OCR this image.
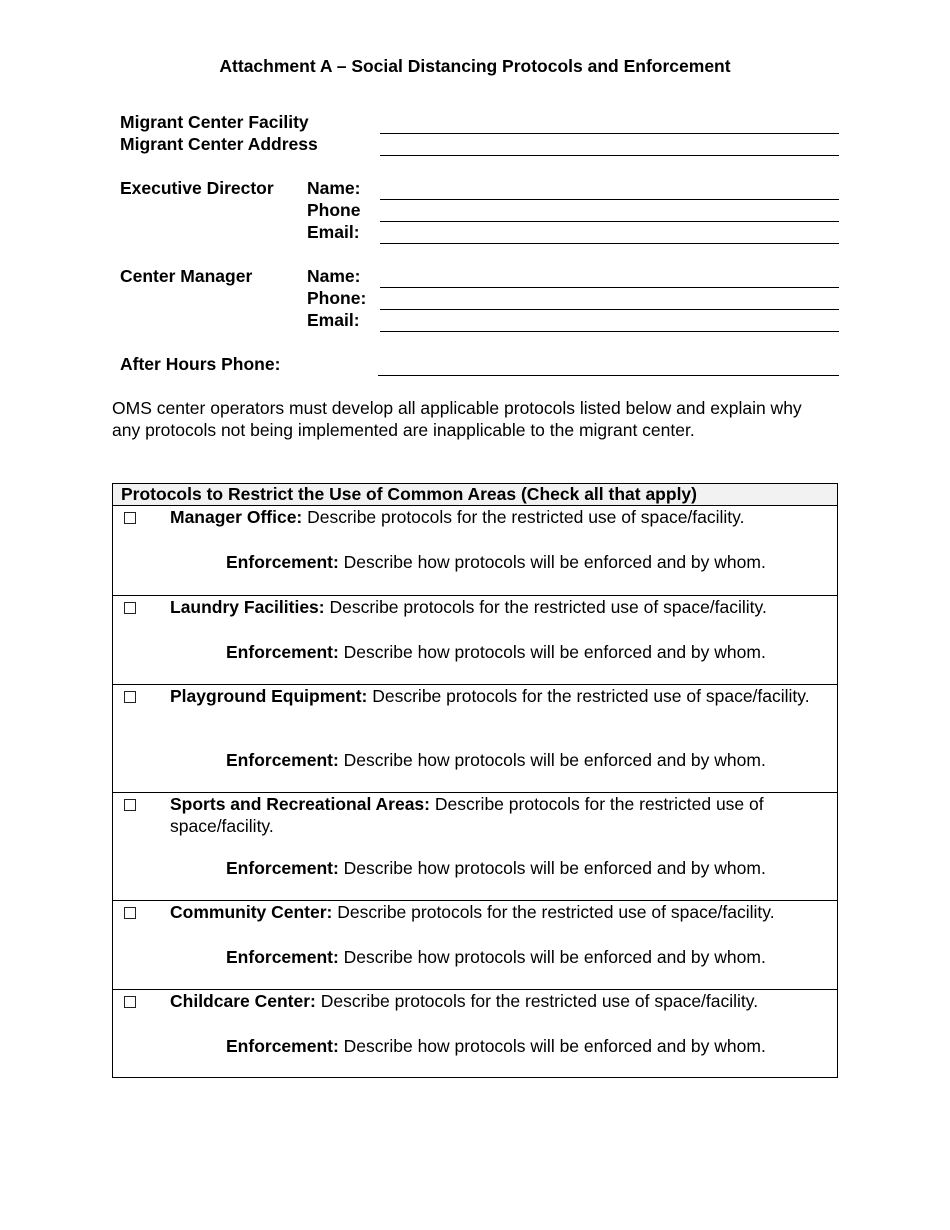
Attachment A – Social Distancing Protocols and Enforcement
Migrant Center Facility
Migrant Center Address
Executive Director Name:
Phone
Email:
Center Manager	Name:
Phone:
Email:
After Hours Phone:
OMS center operators must develop all applicable protocols listed below and explain why any protocols not being implemented are inapplicable to the migrant center.
Protocols to Restrict the Use of Common Areas (Check all that apply)
Manager Office: Describe protocols for the restricted use of space/facility.
Enforcement: Describe how protocols will be enforced and by whom.
Laundry Facilities: Describe protocols for the restricted use of space/facility.
Enforcement: Describe how protocols will be enforced and by whom.
Playground Equipment: Describe protocols for the restricted use of space/facility.
Enforcement: Describe how protocols will be enforced and by whom.
Sports and Recreational Areas: Describe protocols for the restricted use of space/facility.
Enforcement: Describe how protocols will be enforced and by whom.
Community Center: Describe protocols for the restricted use of space/facility.
Enforcement: Describe how protocols will be enforced and by whom.
Childcare Center: Describe protocols for the restricted use of space/facility.
Enforcement: Describe how protocols will be enforced and by whom.
